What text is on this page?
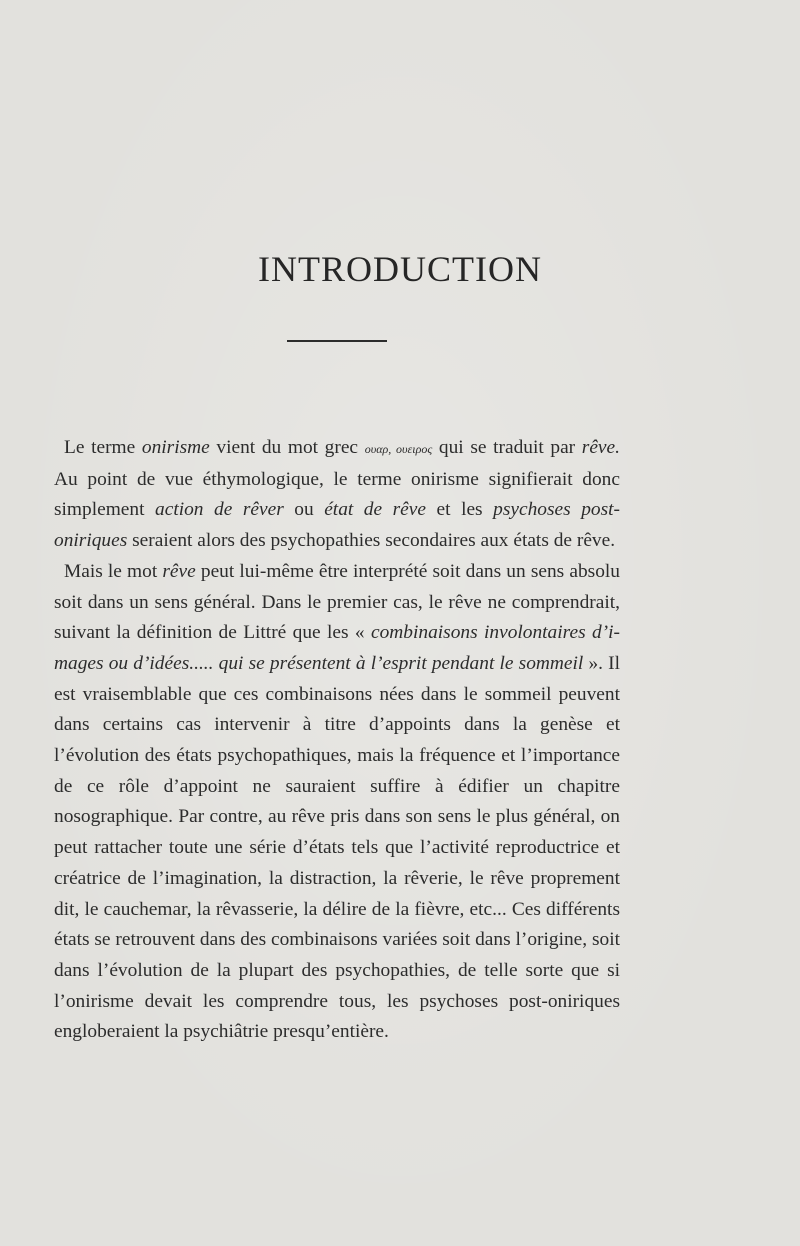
INTRODUCTION

Le terme onirisme vient du mot grec ουαρ, ουειρος qui se traduit par rêve. Au point de vue éthymologique, le terme onirisme signifierait donc simplement action de rêver ou état de rêve et les psychoses post-oniriques seraient alors des psychopathies secondaires aux états de rêve.

Mais le mot rêve peut lui-même être interprété soit dans un sens absolu soit dans un sens général. Dans le premier cas, le rêve ne comprendrait, suivant la définition de Littré que les « combinaisons involontaires d’images ou d’idées..... qui se présentent à l’esprit pendant le sommeil ». Il est vraisemblable que ces combinaisons nées dans le sommeil peuvent dans certains cas intervenir à titre d’appoints dans la genèse et l’évolution des états psychopathiques, mais la fréquence et l’importance de ce rôle d’appoint ne sauraient suffire à édifier un chapitre nosographique. Par contre, au rêve pris dans son sens le plus général, on peut rattacher toute une série d’états tels que l’activité reproductrice et créatrice de l’imagination, la distraction, la rêverie, le rêve proprement dit, le cauchemar, la rêvasserie, la délire de la fièvre, etc... Ces différents états se retrouvent dans des combinaisons variées soit dans l’origine, soit dans l’évolution de la plupart des psychopathies, de telle sorte que si l’onirisme devait les comprendre tous, les psychoses post-oniriques engloberaient la psychiâtrie presqu’entière.
